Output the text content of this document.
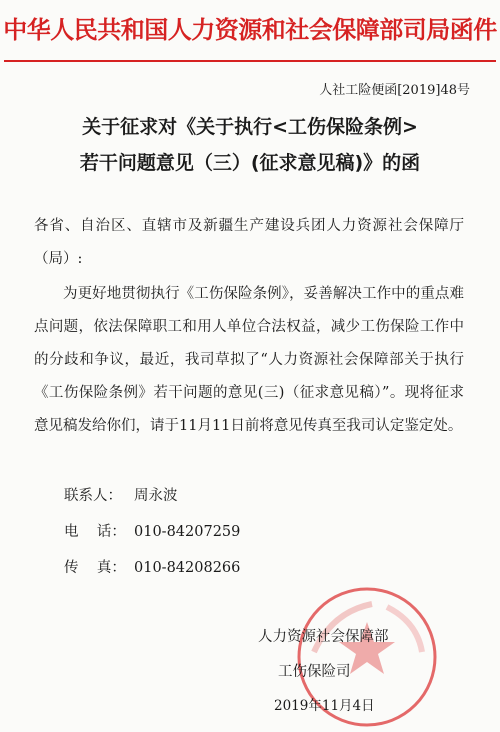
中华人民共和国人力资源和社会保障部司局函件
人社工险便函[2019]48号
关于征求对《关于执行<工伤保险条例>
若干问题意见（三）(征求意见稿)》的函
各省、自治区、直辖市及新疆生产建设兵团人力资源社会保障厅（局）:
为更好地贯彻执行《工伤保险条例》，妥善解决工作中的重点难点问题，依法保障职工和用人单位合法权益，减少工伤保险工作中的分歧和争议，最近，我司草拟了“人力资源社会保障部关于执行《工伤保险条例》若干问题的意见(三)（征求意见稿）”。现将征求意见稿发给你们，请于11月11日前将意见传真至我司认定鉴定处。
联系人： 周永波
电    话： 010-84207259
传    真： 010-84208266
人力资源社会保障部
工伤保险司
2019年11月4日
